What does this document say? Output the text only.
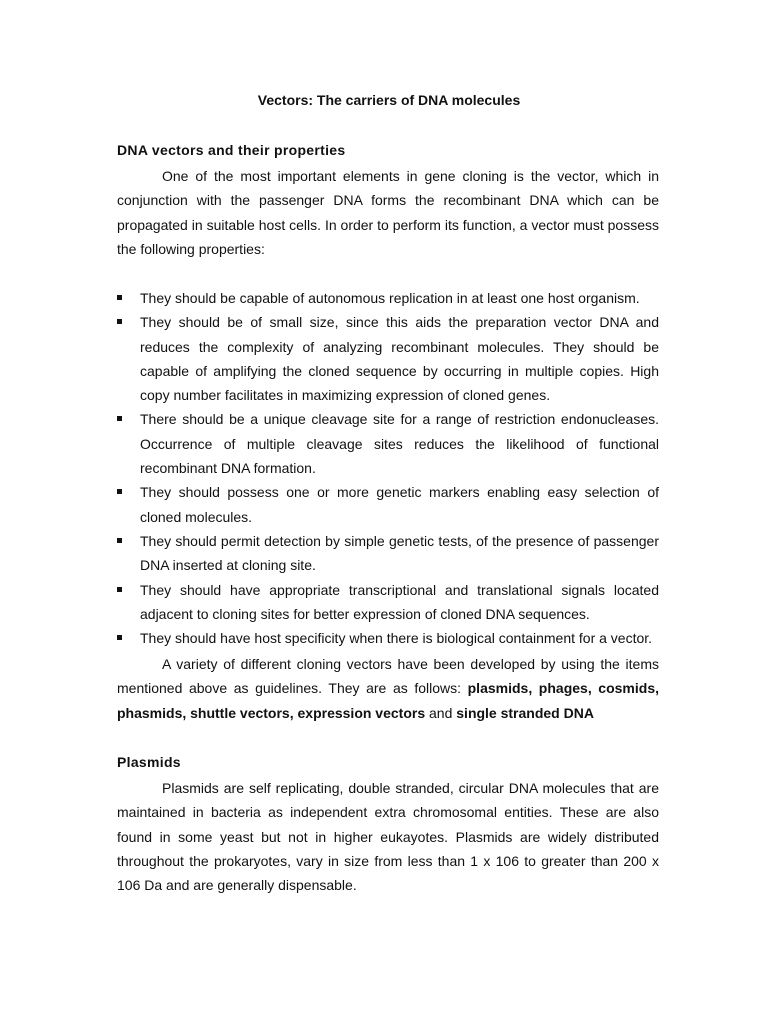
Vectors: The carriers of DNA molecules
DNA vectors and their properties
One of the most important elements in gene cloning is the vector, which in conjunction with the passenger DNA forms the recombinant DNA which can be propagated in suitable host cells. In order to perform its function, a vector must possess the following properties:
They should be capable of autonomous replication in at least one host organism.
They should be of small size, since this aids the preparation vector DNA and reduces the complexity of analyzing recombinant molecules. They should be capable of amplifying the cloned sequence by occurring in multiple copies. High copy number facilitates in maximizing expression of cloned genes.
There should be a unique cleavage site for a range of restriction endonucleases. Occurrence of multiple cleavage sites reduces the likelihood of functional recombinant DNA formation.
They should possess one or more genetic markers enabling easy selection of cloned molecules.
They should permit detection by simple genetic tests, of the presence of passenger DNA inserted at cloning site.
They should have appropriate transcriptional and translational signals located adjacent to cloning sites for better expression of cloned DNA sequences.
They should have host specificity when there is biological containment for a vector.
A variety of different cloning vectors have been developed by using the items mentioned above as guidelines. They are as follows: plasmids, phages, cosmids, phasmids, shuttle vectors, expression vectors and single stranded DNA
Plasmids
Plasmids are self replicating, double stranded, circular DNA molecules that are maintained in bacteria as independent extra chromosomal entities. These are also found in some yeast but not in higher eukayotes. Plasmids are widely distributed throughout the prokaryotes, vary in size from less than 1 x 106 to greater than 200 x 106 Da and are generally dispensable.
